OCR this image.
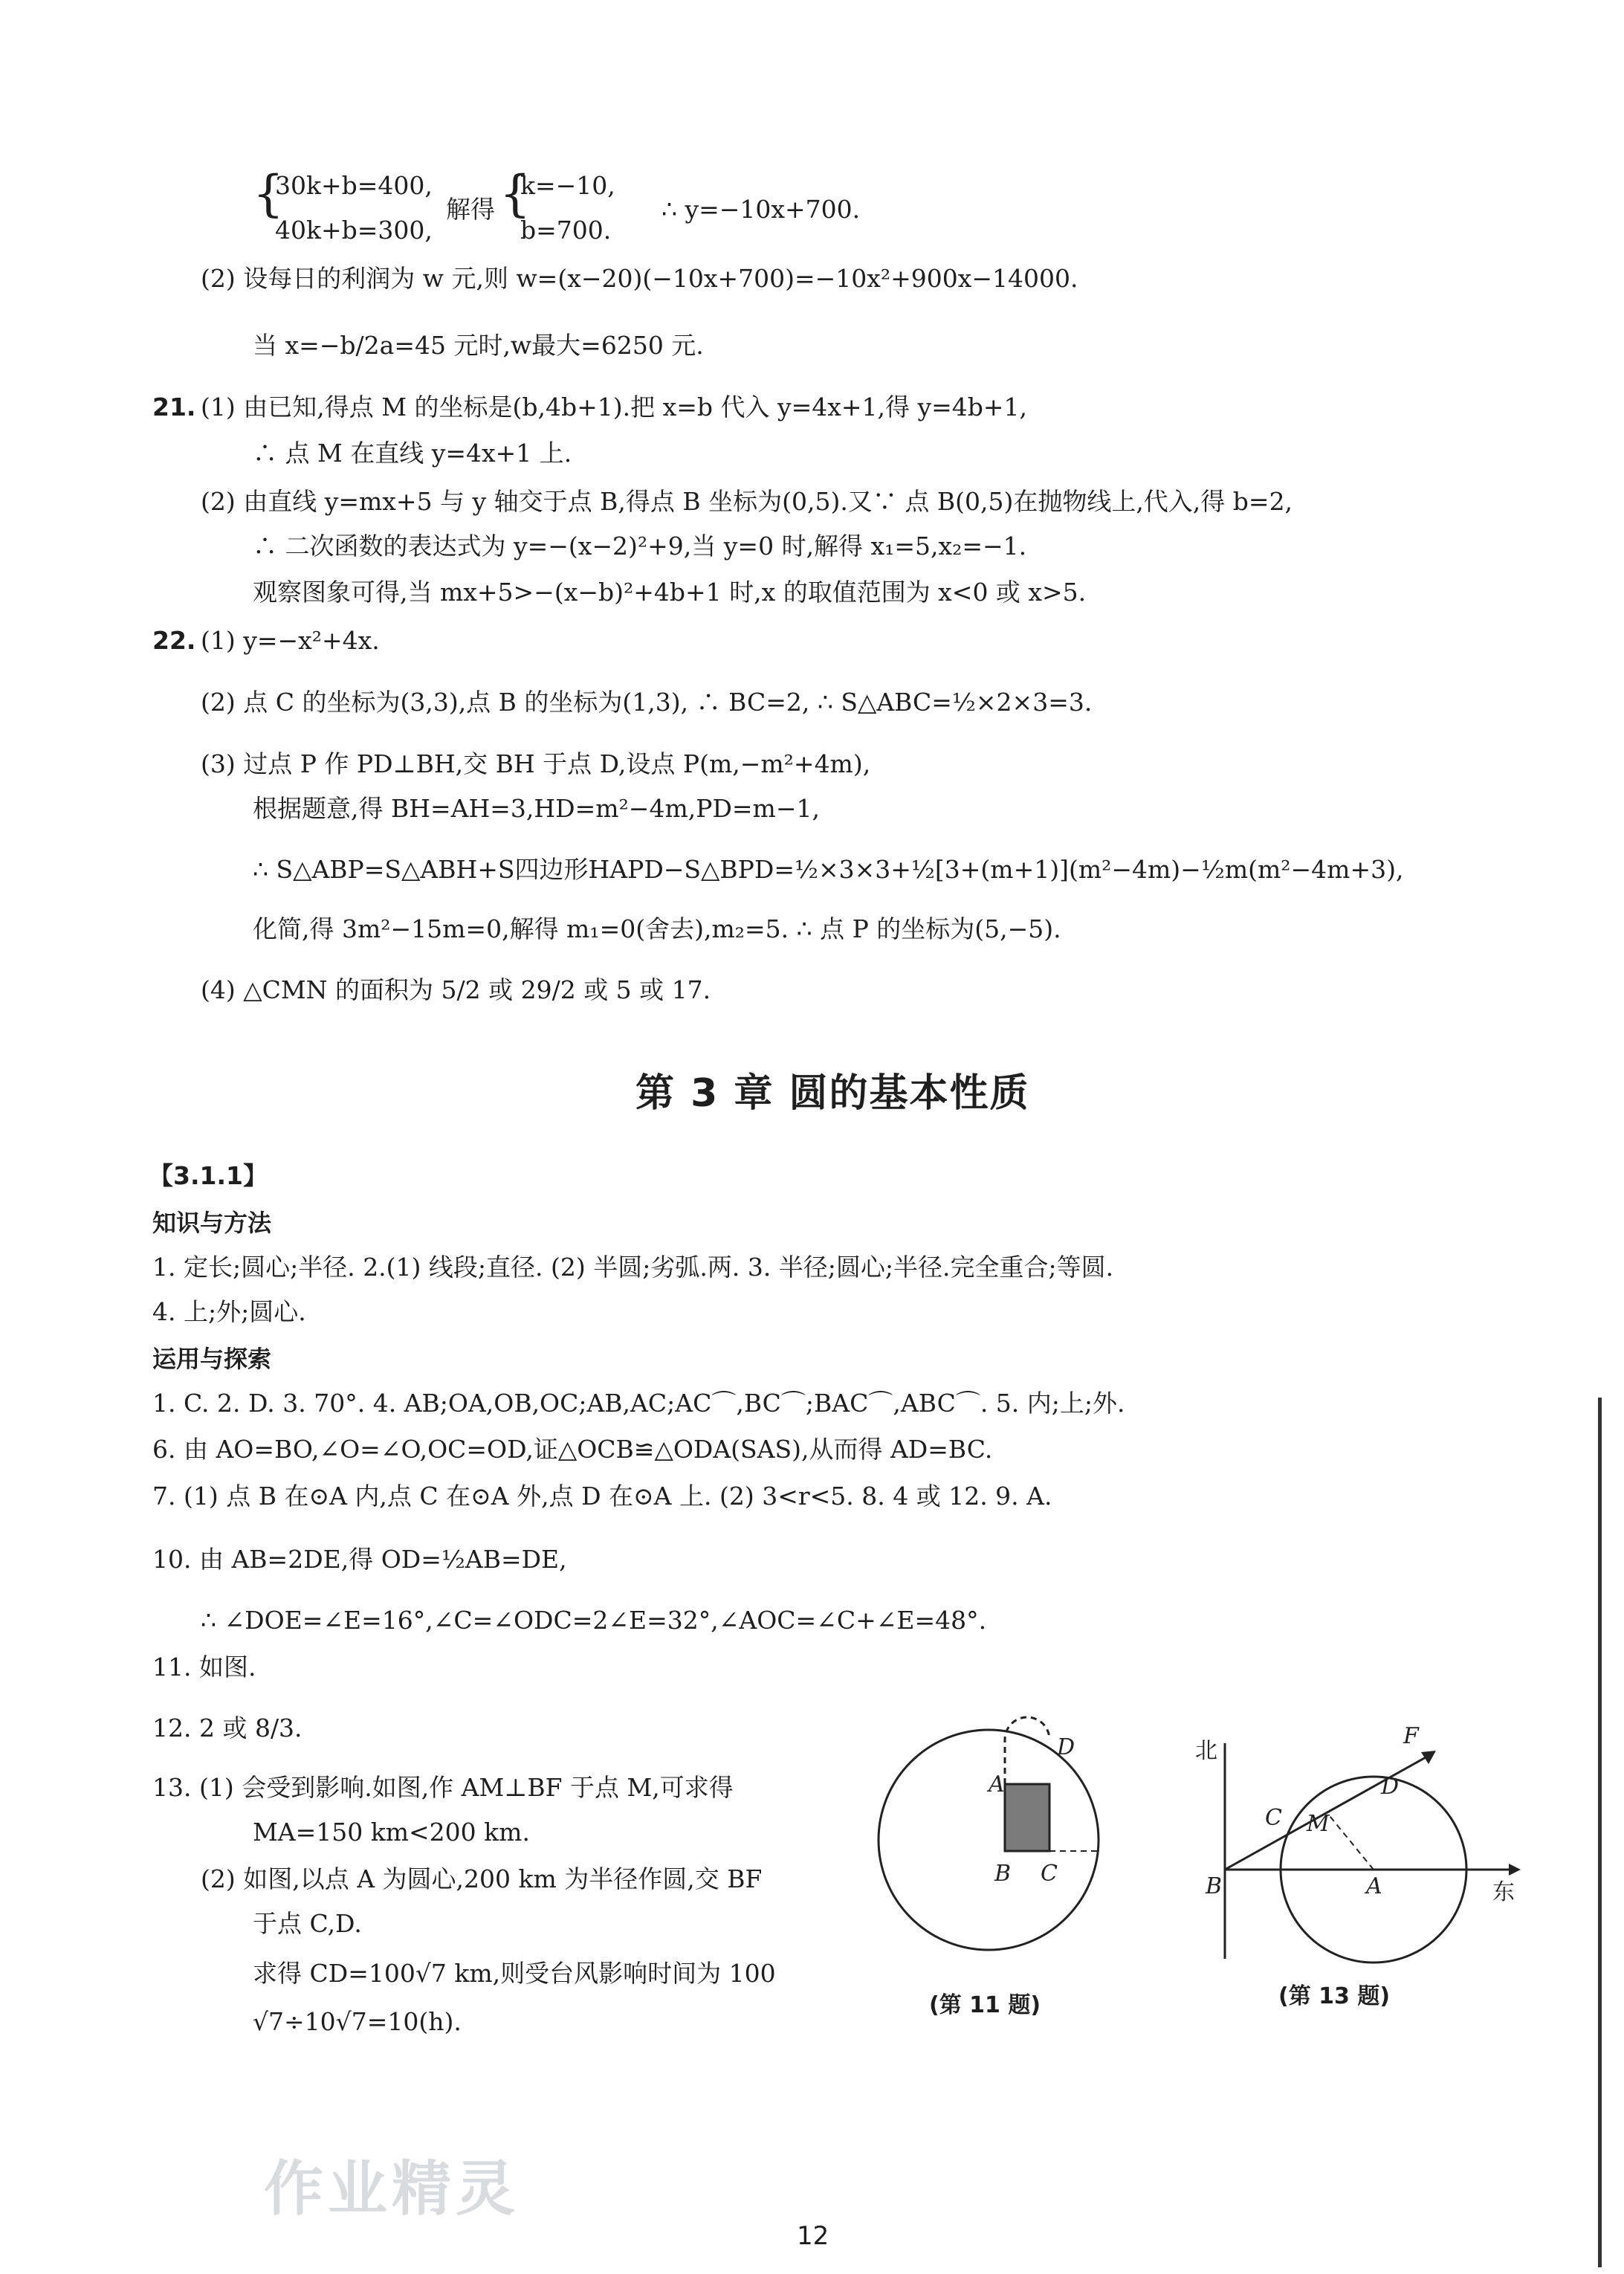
{
30k+b=400,
40k+b=300,
解得 {
k=−10,
b=700.
∴ y=−10x+700.
(2) 设每日的利润为 w 元,则 w=(x−20)(−10x+700)=−10x²+900x−14000.
当 x=−b/2a=45 元时,w最大=6250 元.
21. (1) 由已知,得点 M 的坐标是(b,4b+1).把 x=b 代入 y=4x+1,得 y=4b+1,
∴ 点 M 在直线 y=4x+1 上.
(2) 由直线 y=mx+5 与 y 轴交于点 B,得点 B 坐标为(0,5).又∵ 点 B(0,5)在抛物线上,代入,得 b=2,
∴ 二次函数的表达式为 y=−(x−2)²+9,当 y=0 时,解得 x₁=5,x₂=−1.
观察图象可得,当 mx+5>−(x−b)²+4b+1 时,x 的取值范围为 x<0 或 x>5.
22. (1) y=−x²+4x.
(2) 点 C 的坐标为(3,3),点 B 的坐标为(1,3), ∴ BC=2, ∴ S△ABC=½×2×3=3.
(3) 过点 P 作 PD⊥BH,交 BH 于点 D,设点 P(m,−m²+4m),
根据题意,得 BH=AH=3,HD=m²−4m,PD=m−1,
∴ S△ABP=S△ABH+S四边形HAPD−S△BPD=½×3×3+½[3+(m+1)](m²−4m)−½m(m²−4m+3),
化简,得 3m²−15m=0,解得 m₁=0(舍去),m₂=5. ∴ 点 P 的坐标为(5,−5).
(4) △CMN 的面积为 5/2 或 29/2 或 5 或 17.
第 3 章 圆的基本性质
【3.1.1】
知识与方法
1. 定长;圆心;半径. 2.(1) 线段;直径. (2) 半圆;劣弧.两. 3. 半径;圆心;半径.完全重合;等圆.
4. 上;外;圆心.
运用与探索
1. C. 2. D. 3. 70°. 4. AB;OA,OB,OC;AB,AC;AC⌒,BC⌒;BAC⌒,ABC⌒. 5. 内;上;外.
6. 由 AO=BO,∠O=∠O,OC=OD,证△OCB≌△ODA(SAS),从而得 AD=BC.
7. (1) 点 B 在⊙A 内,点 C 在⊙A 外,点 D 在⊙A 上. (2) 3<r<5. 8. 4 或 12. 9. A.
10. 由 AB=2DE,得 OD=½AB=DE,
∴ ∠DOE=∠E=16°,∠C=∠ODC=2∠E=32°,∠AOC=∠C+∠E=48°.
11. 如图.
12. 2 或 8/3.
13. (1) 会受到影响.如图,作 AM⊥BF 于点 M,可求得
MA=150 km<200 km.
(2) 如图,以点 A 为圆心,200 km 为半径作圆,交 BF
于点 C,D.
求得 CD=100√7 km,则受台风影响时间为 100
√7÷10√7=10(h).
A
D
B C
(第 11 题)
北
东
F
D
C M
B	A
(第 13 题)
作业精灵
12
